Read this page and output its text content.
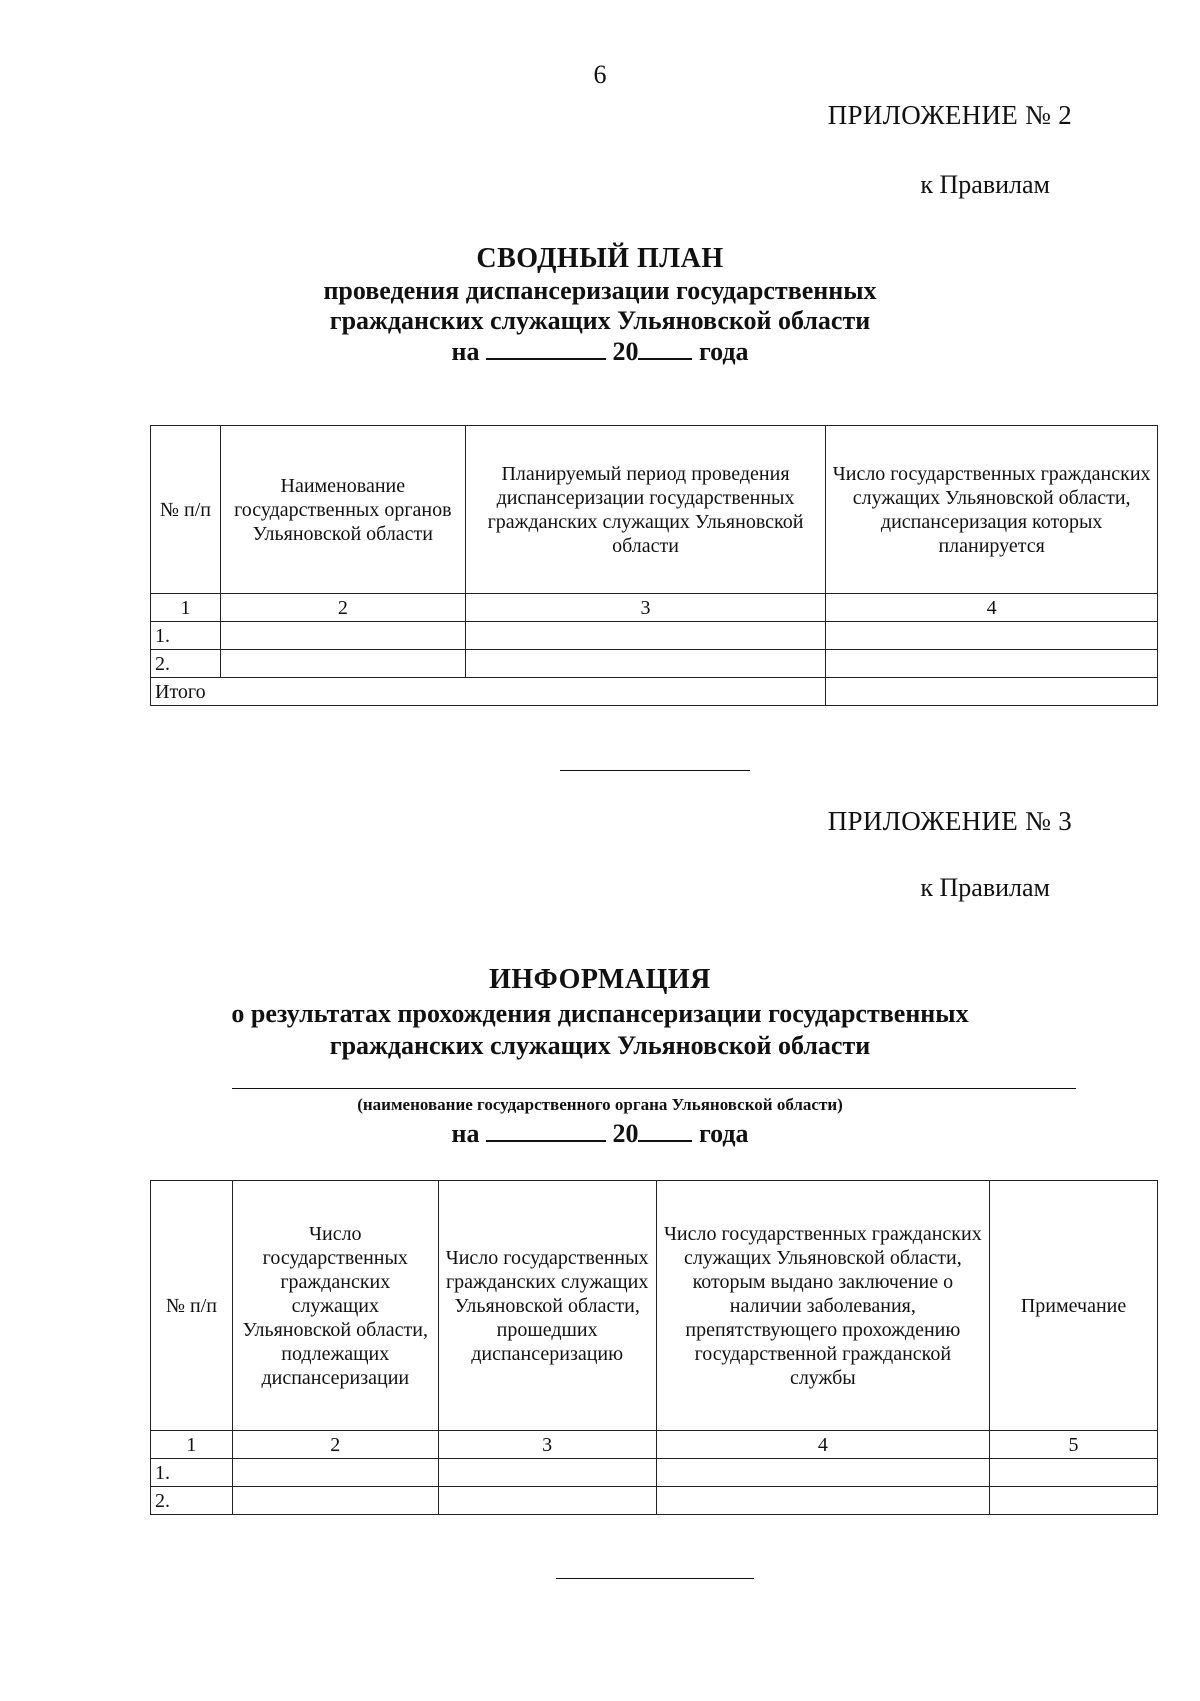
6
ПРИЛОЖЕНИЕ № 2
к Правилам
СВОДНЫЙ ПЛАН
проведения диспансеризации государственных
гражданских служащих Ульяновской области
на	20 года
№ п/п	Наименование государственных органов Ульяновской области	Планируемый период проведения диспансеризации государственных гражданских служащих Ульяновской области	Число государственных гражданских служащих Ульяновской области, диспансеризация которых планируется
1	2	3	4
1.			
2.			
Итого			
ПРИЛОЖЕНИЕ № 3
к Правилам
ИНФОРМАЦИЯ
о результатах прохождения диспансеризации государственных
гражданских служащих Ульяновской области
(наименование государственного органа Ульяновской области)
на	20 года
№ п/п	Число государственных гражданских служащих Ульяновской области, подлежащих диспансеризации	Число государственных гражданских служащих Ульяновской области, прошедших диспансеризацию	Число государственных гражданских служащих Ульяновской области, которым выдано заключение о наличии заболевания, препятствующего прохождению государственной гражданской службы	Примечание
1	2	3	4	5
1.				
2.				
